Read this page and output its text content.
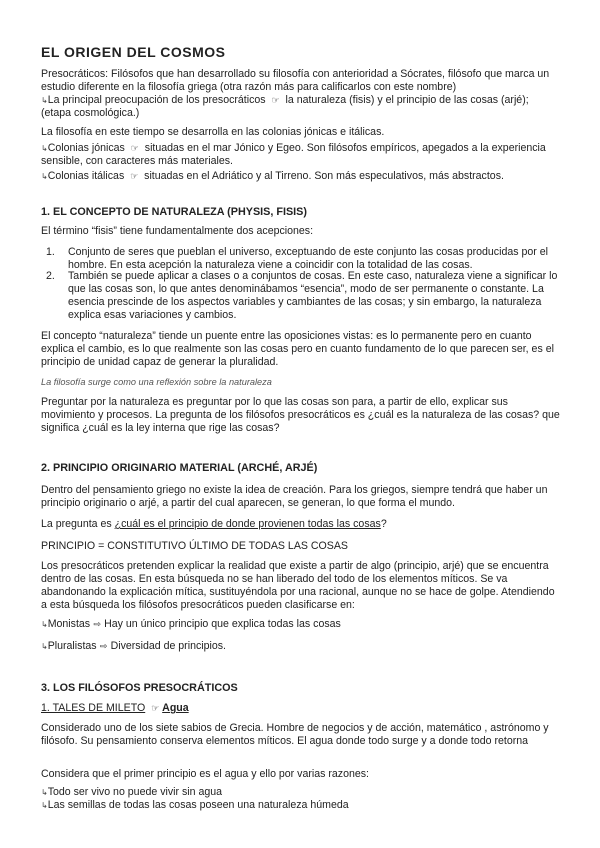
EL ORIGEN DEL COSMOS

Presocráticos: Filósofos que han desarrollado su filosofía con anterioridad a Sócrates, filósofo que marca un estudio diferente en la filosofía griega (otra razón más para calificarlos con este nombre)

↳La principal preocupación de los presocráticos ☞ la naturaleza (fisis) y el principio de las cosas (arjé); (etapa cosmológica.)

La filosofía en este tiempo se desarrolla en las colonias jónicas e itálicas.

↳Colonias jónicas ☞ situadas en el mar Jónico y Egeo. Son filósofos empíricos, apegados a la experiencia sensible, con caracteres más materiales.

↳Colonias itálicas ☞ situadas en el Adriático y al Tirreno. Son más especulativos, más abstractos.

1. EL CONCEPTO DE NATURALEZA (PHYSIS, FISIS)

El término “fisis” tiene fundamentalmente dos acepciones:

1.	Conjunto de seres que pueblan el universo, exceptuando de este conjunto las cosas producidas por el hombre. En esta acepción la naturaleza viene a coincidir con la totalidad de las cosas.
2.	También se puede aplicar a clases o a conjuntos de cosas. En este caso, naturaleza viene a significar lo que las cosas son, lo que antes denominábamos “esencia”, modo de ser permanente o constante. La esencia prescinde de los aspectos variables y cambiantes de las cosas; y sin embargo, la naturaleza explica esas variaciones y cambios.

El concepto “naturaleza” tiende un puente entre las oposiciones vistas: es lo permanente pero en cuanto explica el cambio, es lo que realmente son las cosas pero en cuanto fundamento de lo que parecen ser, es el principio de unidad capaz de generar la pluralidad.

La filosofía surge como una reflexión sobre la naturaleza

Preguntar por la naturaleza es preguntar por lo que las cosas son para, a partir de ello, explicar sus movimiento y procesos. La pregunta de los filósofos presocráticos es ¿cuál es la naturaleza de las cosas? que significa ¿cuál es la ley interna que rige las cosas?

2. PRINCIPIO ORIGINARIO MATERIAL (ARCHÉ, ARJÉ)

Dentro del pensamiento griego no existe la idea de creación. Para los griegos, siempre tendrá que haber un principio originario o arjé, a partir del cual aparecen, se generan, lo que forma el mundo.

La pregunta es ¿cuál es el principio de donde provienen todas las cosas?

PRINCIPIO = CONSTITUTIVO ÚLTIMO DE TODAS LAS COSAS

Los presocráticos pretenden explicar la realidad que existe a partir de algo (principio, arjé) que se encuentra dentro de las cosas. En esta búsqueda no se han liberado del todo de los elementos míticos. Se va abandonando la explicación mítica, sustituyéndola por una racional, aunque no se hace de golpe. Atendiendo a esta búsqueda los filósofos presocráticos pueden clasificarse en:

↳Monistas ⇨ Hay un único principio que explica todas las cosas

↳Pluralistas ⇨ Diversidad de principios.

3. LOS FILÓSOFOS PRESOCRÁTICOS

1. TALES DE MILETO ☞ Agua

Considerado uno de los siete sabios de Grecia. Hombre de negocios y de acción, matemático , astrónomo y filósofo. Su pensamiento conserva elementos míticos. El agua donde todo surge y a donde todo retorna

Considera que el primer principio es el agua y ello por varias razones:

↳Todo ser vivo no puede vivir sin agua

↳Las semillas de todas las cosas poseen una naturaleza húmeda
